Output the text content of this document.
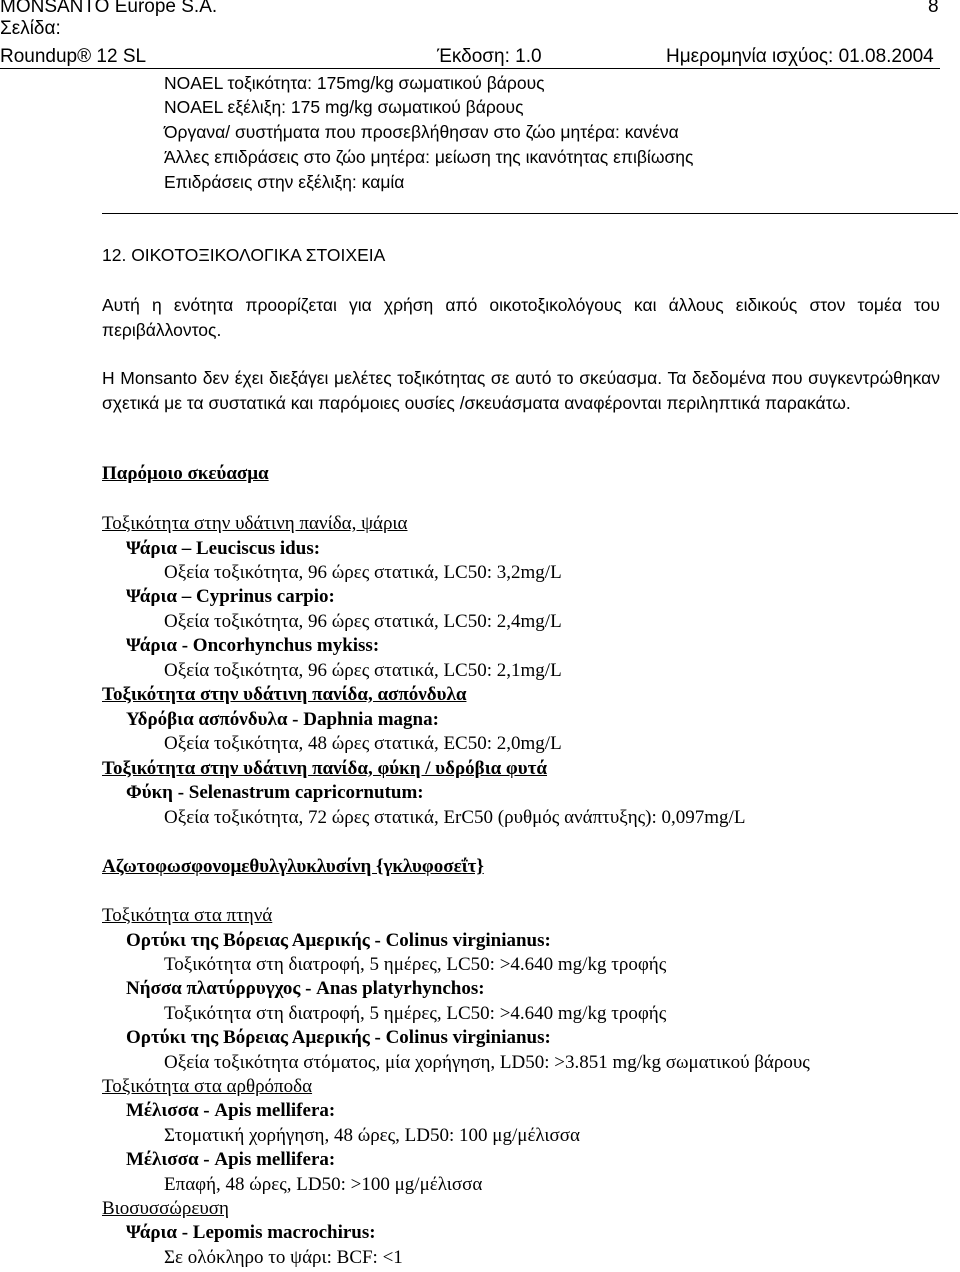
MONSANTO Europe S.A.	8
Σελίδα:
Roundup® 12 SL	Έκδοση: 1.0	Ημερομηνία ισχύος: 01.08.2004
NOAEL τοξικότητα: 175mg/kg σωματικού βάρους
NOAEL εξέλιξη: 175 mg/kg σωματικού βάρους
Όργανα/ συστήματα που προσεβλήθησαν στο ζώο μητέρα: κανένα
Άλλες επιδράσεις στο ζώο μητέρα: μείωση της ικανότητας επιβίωσης
Επιδράσεις στην εξέλιξη: καμία
12. ΟΙΚΟΤΟΞΙΚΟΛΟΓΙΚΑ ΣΤΟΙΧΕΙΑ
Αυτή η ενότητα προορίζεται για χρήση από οικοτοξικολόγους και άλλους ειδικούς στον τομέα του περιβάλλοντος.
Η Monsanto δεν έχει διεξάγει μελέτες τοξικότητας σε αυτό το σκεύασμα. Τα δεδομένα που συγκεντρώθηκαν σχετικά με τα συστατικά και παρόμοιες ουσίες /σκευάσματα αναφέρονται περιληπτικά παρακάτω.
Παρόμοιο σκεύασμα
Τοξικότητα στην υδάτινη πανίδα, ψάρια
Ψάρια – Leuciscus idus:
Οξεία τοξικότητα, 96 ώρες στατικά, LC50: 3,2mg/L
Ψάρια – Cyprinus carpio:
Οξεία τοξικότητα, 96 ώρες στατικά, LC50: 2,4mg/L
Ψάρια - Oncorhynchus mykiss:
Οξεία τοξικότητα, 96 ώρες στατικά, LC50: 2,1mg/L
Τοξικότητα στην υδάτινη πανίδα, ασπόνδυλα
Υδρόβια ασπόνδυλα - Daphnia magna:
Οξεία τοξικότητα, 48 ώρες στατικά, EC50: 2,0mg/L
Τοξικότητα στην υδάτινη πανίδα, φύκη / υδρόβια φυτά
Φύκη - Selenastrum capricornutum:
Οξεία τοξικότητα, 72 ώρες στατικά, ErC50 (ρυθμός ανάπτυξης): 0,097mg/L
Αζωτοφωσφονομεθυλγλυκλυσίνη {γκλυφοσεΐτ}
Τοξικότητα στα πτηνά
Ορτύκι της Βόρειας Αμερικής - Colinus virginianus:
Τοξικότητα στη διατροφή, 5 ημέρες, LC50: >4.640 mg/kg τροφής
Νήσσα πλατύρρυγχος - Anas platyrhynchos:
Τοξικότητα στη διατροφή, 5 ημέρες, LC50: >4.640 mg/kg τροφής
Ορτύκι της Βόρειας Αμερικής - Colinus virginianus:
Οξεία τοξικότητα στόματος, μία χορήγηση, LD50: >3.851 mg/kg σωματικού βάρους
Τοξικότητα στα αρθρόποδα
Μέλισσα - Apis mellifera:
Στοματική χορήγηση, 48 ώρες, LD50: 100 μg/μέλισσα
Μέλισσα - Apis mellifera:
Επαφή, 48 ώρες, LD50: >100 μg/μέλισσα
Βιοσυσσώρευση
Ψάρια - Lepomis macrochirus:
Σε ολόκληρο το ψάρι: BCF: <1
